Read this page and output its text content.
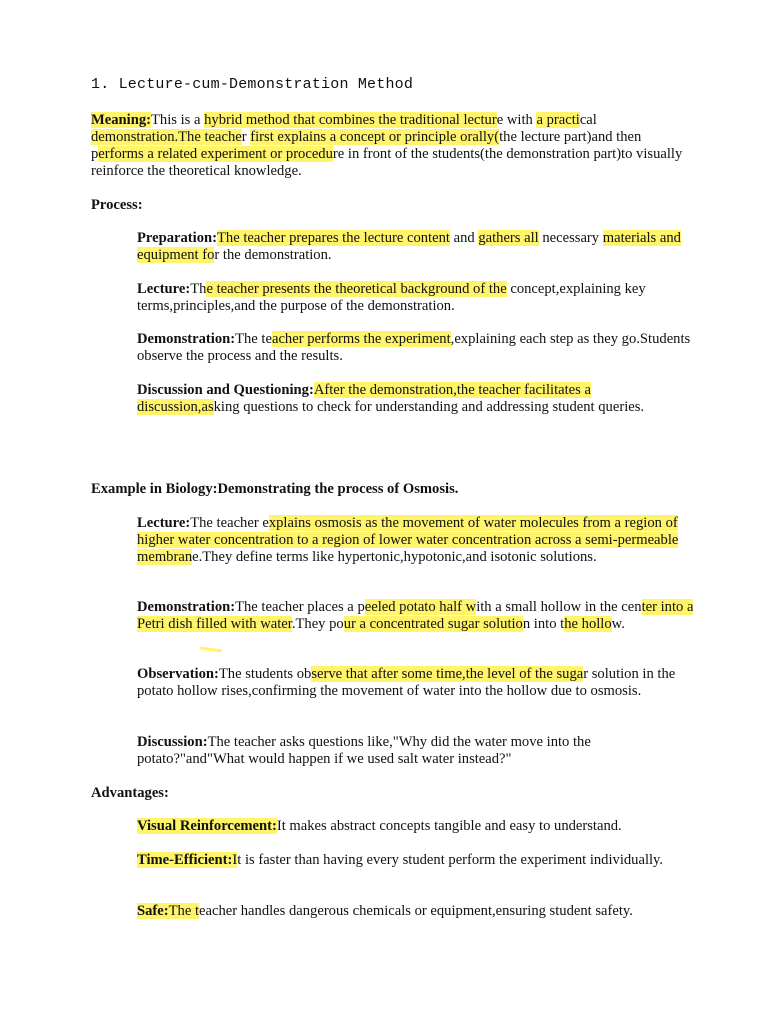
1. Lecture-cum-Demonstration Method

Meaning:This is a hybrid method that combines the traditional lecture with a practical demonstration.The teacher first explains a concept or principle orally(the lecture part)and then performs a related experiment or procedure in front of the students(the demonstration part)to visually reinforce the theoretical knowledge.

Process:

Preparation:The teacher prepares the lecture content and gathers all necessary materials and equipment for the demonstration.

Lecture:The teacher presents the theoretical background of the concept,explaining key terms,principles,and the purpose of the demonstration.

Demonstration:The teacher performs the experiment,explaining each step as they go.Students observe the process and the results.

Discussion and Questioning:After the demonstration,the teacher facilitates a discussion,asking questions to check for understanding and addressing student queries.

Example in Biology:Demonstrating the process of Osmosis.

Lecture:The teacher explains osmosis as the movement of water molecules from a region of higher water concentration to a region of lower water concentration across a semi-permeable membrane.They define terms like hypertonic,hypotonic,and isotonic solutions.

Demonstration:The teacher places a peeled potato half with a small hollow in the center into a Petri dish filled with water.They pour a concentrated sugar solution into the hollow.

Observation:The students observe that after some time,the level of the sugar solution in the potato hollow rises,confirming the movement of water into the hollow due to osmosis.

Discussion:The teacher asks questions like,"Why did the water move into the potato?"and"What would happen if we used salt water instead?"

Advantages:

Visual Reinforcement:It makes abstract concepts tangible and easy to understand.

Time-Efficient:It is faster than having every student perform the experiment individually.

Safe:The teacher handles dangerous chemicals or equipment,ensuring student safety.
